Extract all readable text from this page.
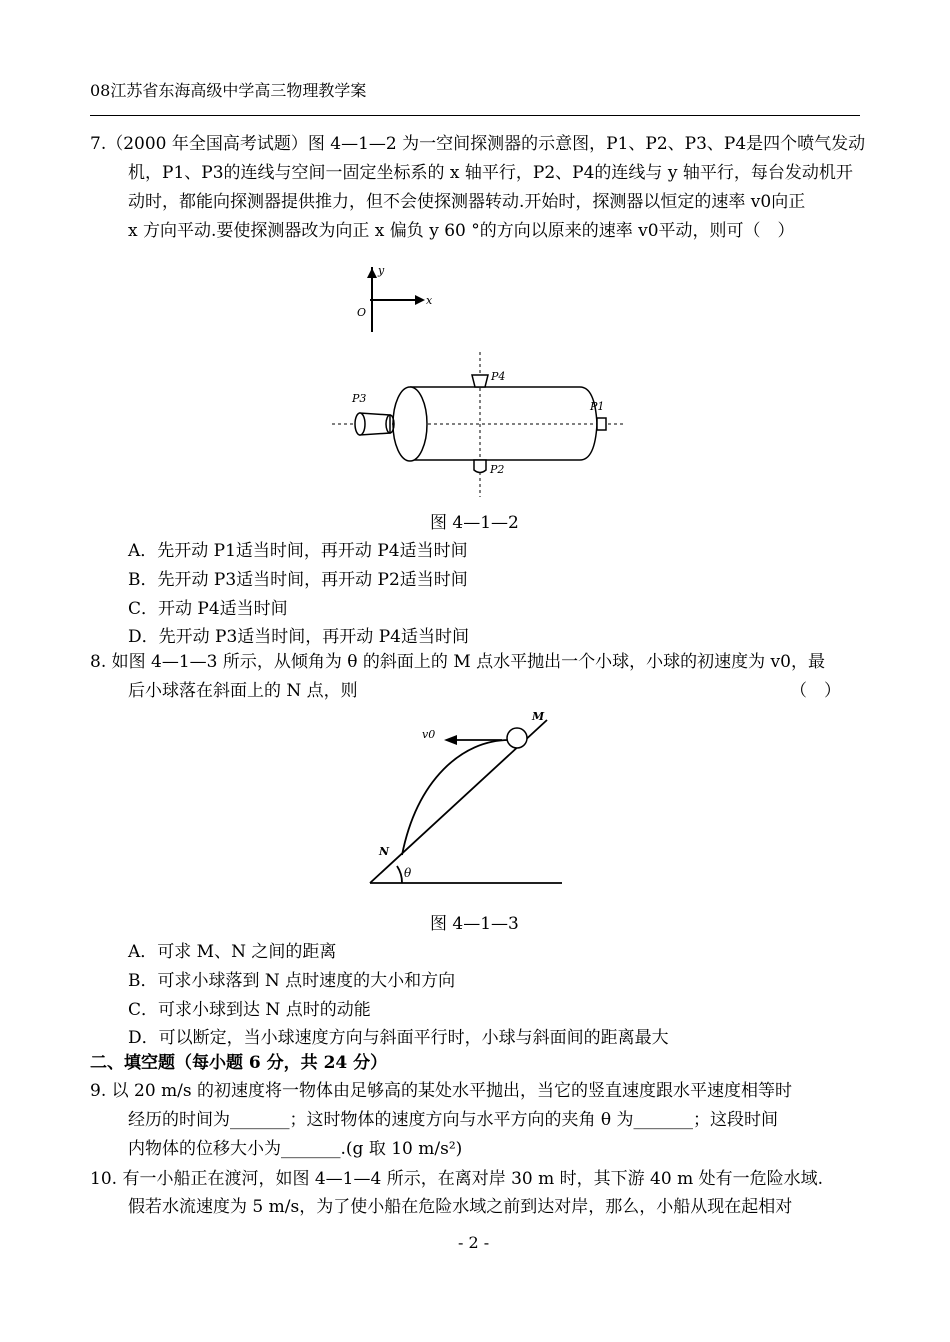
08江苏省东海高级中学高三物理教学案
7.（2000 年全国高考试题）图 4—1—2 为一空间探测器的示意图，P1、P2、P3、P4是四个喷气发动
机，P1、P3的连线与空间一固定坐标系的 x 轴平行，P2、P4的连线与 y 轴平行，每台发动机开
动时，都能向探测器提供推力，但不会使探测器转动.开始时，探测器以恒定的速率 v0向正
x 方向平动.要使探测器改为向正 x 偏负 y 60 °的方向以原来的速率 v0平动，则可（　）
y
x
O
P3
P1
P4
P2
图 4—1—2
A．先开动 P1适当时间，再开动 P4适当时间
B．先开动 P3适当时间，再开动 P2适当时间
C．开动 P4适当时间
D．先开动 P3适当时间，再开动 P4适当时间
8. 如图 4—1—3 所示，从倾角为 θ 的斜面上的 M 点水平抛出一个小球，小球的初速度为 v0，最
后小球落在斜面上的 N 点，则	（　）
v0
M
N
θ
图 4—1—3
A．可求 M、N 之间的距离
B．可求小球落到 N 点时速度的大小和方向
C．可求小球到达 N 点时的动能
D．可以断定，当小球速度方向与斜面平行时，小球与斜面间的距离最大
二、填空题（每小题 6 分，共 24 分）
9. 以 20 m/s 的初速度将一物体由足够高的某处水平抛出，当它的竖直速度跟水平速度相等时
经历的时间为_______；这时物体的速度方向与水平方向的夹角 θ 为_______；这段时间
内物体的位移大小为_______.(g 取 10 m/s²)
10. 有一小船正在渡河，如图 4—1—4 所示，在离对岸 30 m 时，其下游 40 m 处有一危险水域.
假若水流速度为 5 m/s，为了使小船在危险水域之前到达对岸，那么，小船从现在起相对
- 2 -
